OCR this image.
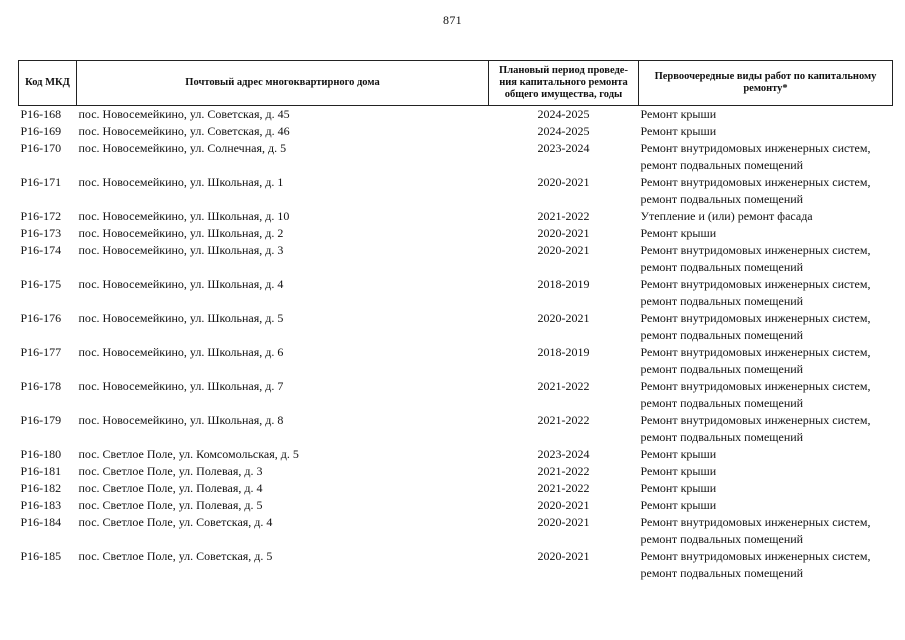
871
Код МКД	Почтовый адрес многоквартирного дома	Плановый период проведе-ния капитального ремонта общего имущества, годы	Первоочередные виды работ по капитальному ремонту*
Р16-168	пос. Новосемейкино, ул. Советская, д. 45	2024-2025	Ремонт крыши

Р16-169	пос. Новосемейкино, ул. Советская, д. 46	2024-2025	Ремонт крыши

Р16-170	пос. Новосемейкино, ул. Солнечная, д. 5	2023-2024	Ремонт внутридомовых инженерных систем,
ремонт подвальных помещений

Р16-171	пос. Новосемейкино, ул. Школьная, д. 1	2020-2021	Ремонт внутридомовых инженерных систем,
ремонт подвальных помещений

Р16-172	пос. Новосемейкино, ул. Школьная, д. 10	2021-2022	Утепление и (или) ремонт фасада

Р16-173	пос. Новосемейкино, ул. Школьная, д. 2	2020-2021	Ремонт крыши

Р16-174	пос. Новосемейкино, ул. Школьная, д. 3	2020-2021	Ремонт внутридомовых инженерных систем,
ремонт подвальных помещений

Р16-175	пос. Новосемейкино, ул. Школьная, д. 4	2018-2019	Ремонт внутридомовых инженерных систем,
ремонт подвальных помещений

Р16-176	пос. Новосемейкино, ул. Школьная, д. 5	2020-2021	Ремонт внутридомовых инженерных систем,
ремонт подвальных помещений

Р16-177	пос. Новосемейкино, ул. Школьная, д. 6	2018-2019	Ремонт внутридомовых инженерных систем,
ремонт подвальных помещений

Р16-178	пос. Новосемейкино, ул. Школьная, д. 7	2021-2022	Ремонт внутридомовых инженерных систем,
ремонт подвальных помещений

Р16-179	пос. Новосемейкино, ул. Школьная, д. 8	2021-2022	Ремонт внутридомовых инженерных систем,
ремонт подвальных помещений

Р16-180	пос. Светлое Поле, ул. Комсомольская, д. 5	2023-2024	Ремонт крыши

Р16-181	пос. Светлое Поле, ул. Полевая, д. 3	2021-2022	Ремонт крыши

Р16-182	пос. Светлое Поле, ул. Полевая, д. 4	2021-2022	Ремонт крыши

Р16-183	пос. Светлое Поле, ул. Полевая, д. 5	2020-2021	Ремонт крыши

Р16-184	пос. Светлое Поле, ул. Советская, д. 4	2020-2021	Ремонт внутридомовых инженерных систем,
ремонт подвальных помещений

Р16-185	пос. Светлое Поле, ул. Советская, д. 5	2020-2021	Ремонт внутридомовых инженерных систем,
ремонт подвальных помещений
